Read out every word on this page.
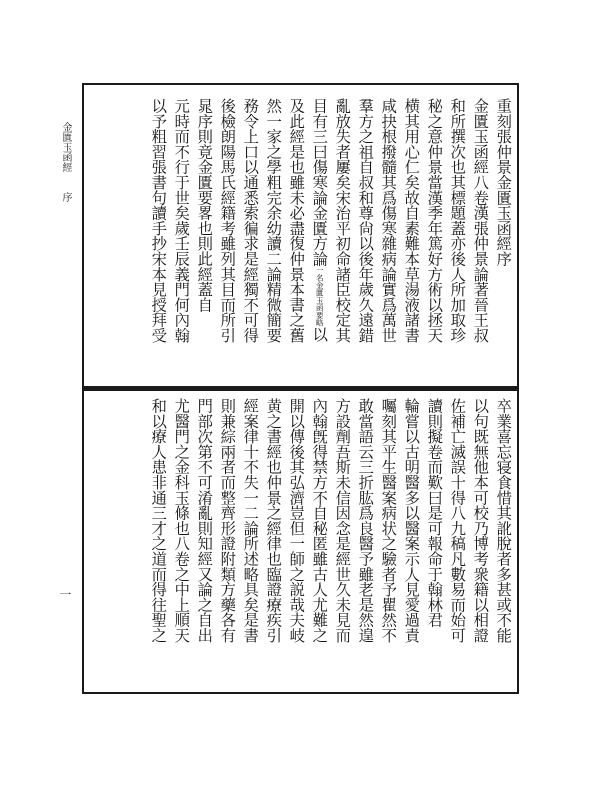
金匱玉函經
序
一
重刻張仲景金匱玉函經序
金匱玉函經八卷漢張仲景論著晉王叔
和所撰次也其標題蓋亦後人所加取珍
秘之意仲景當漢季年篤好方術以拯天
横其用心仁矣故自素難本草湯液諸書
咸抉根撥髓其爲傷寒雜病論實爲萬世
羣方之祖自叔和尊尙以後年歲久遠錯
亂放失者屢矣宋治平初命諸臣校定其
目有三曰傷寒論金匱方論一名金匱玉函要略以
及此經是也雖未必盡復仲景本書之舊
然一家之學粗完余幼讀二論精微簡要
務令上口以通悉索徧求是經獨不可得
後檢朗陽馬氏經籍考雖列其目而所引
晁序則竟金匱要畧也則此經蓋自
元時而不行于世矣歲壬辰義門何內翰
以予粗習張書句讀手抄宋本見授拜受
卒業喜忘寝食惜其訛脫者多甚或不能
以句既無他本可校乃博考衆籍以相證
佐補亡滅誤十得八九稿凡數易而始可
讀則擬卷而歎曰是可報命于翰林君
輪嘗以古明醫多以醫案示人見愛過責
囑刻其平生醫案病状之驗者予瞿然不
敢當語云三折肱爲良醫予雖老是然遑
方設劑吾斯未信因念是經世久未見而
內翰旣得禁方不自秘匿雖古人尤難之
開以傳後其弘濟豈但一師之説哉夫岐
黄之書經也仲景之經律也臨證療疾引
經案律十不失一二論所述略具矣是書
則兼綜兩者而整齊形證附類方藥各有
門部次第不可淆亂則知經又論之自出
尤醫門之金科玉條也八卷之中上順天
和以療人患非通三才之道而得往聖之
